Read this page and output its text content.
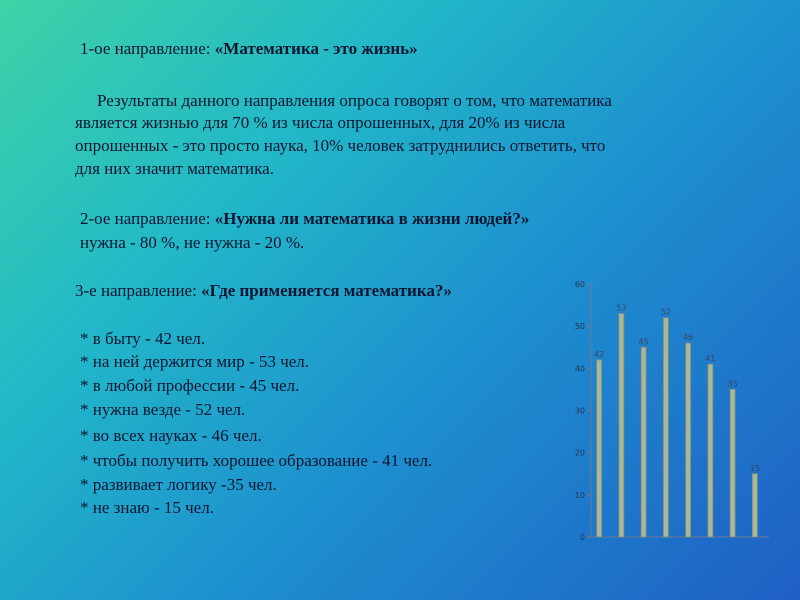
1-ое направление: «Математика - это жизнь»
Результаты данного направления опроса говорят о том, что математика
является жизнью для 70 % из числа опрошенных, для 20% из числа
опрошенных - это просто наука, 10% человек затруднились ответить, что
для них значит математика.
2-ое направление: «Нужна ли математика в жизни людей?»
нужна - 80 %, не нужна - 20 %.
3-е направление: «Где применяется математика?»
* в быту - 42 чел.
* на ней держится мир - 53 чел.
* в любой профессии - 45 чел.
* нужна везде - 52 чел.
* во всех науках - 46 чел.
* чтобы получить хорошее образование - 41 чел.
* развивает логику -35 чел.
* не знаю - 15 чел.
0
10
20
30
40
50
60
42
53
45
52
46
41
35
15
